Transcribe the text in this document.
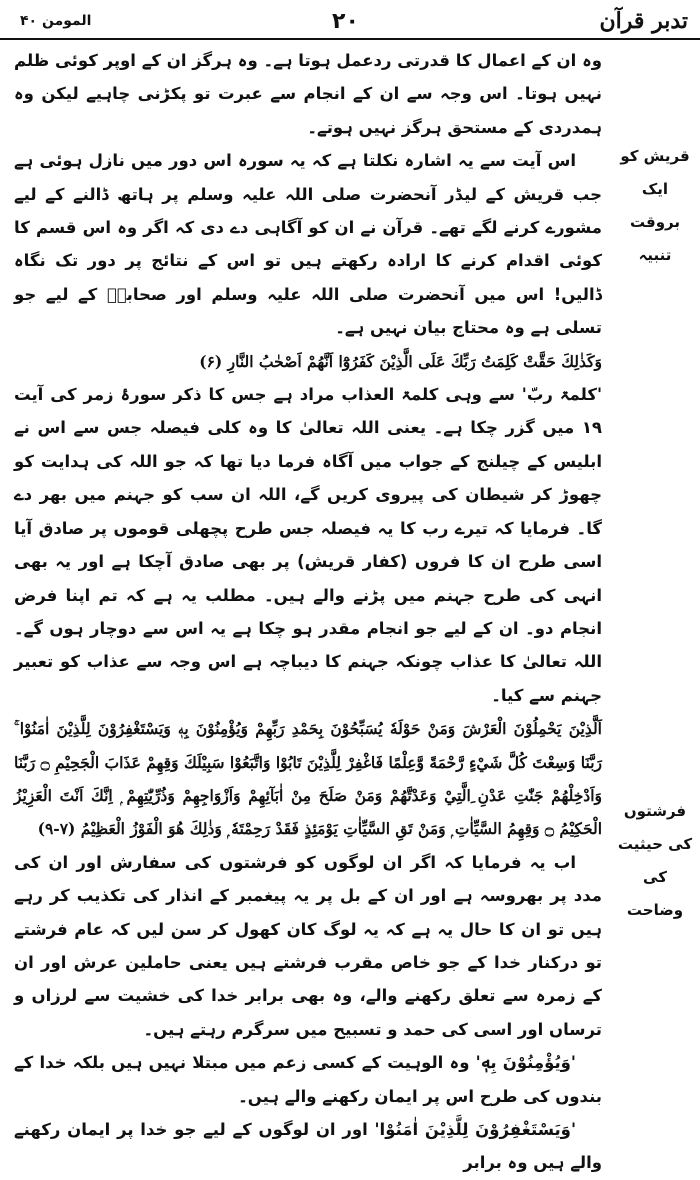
تدبر قرآن
۲۰
المومن ۴۰
قریش کو ایک بروقت تنبیہ
فرشتوں کی حیثیت کی وضاحت

وہ ان کے اعمال کا قدرتی ردعمل ہوتا ہے۔ وہ ہرگز ان کے اوپر کوئی ظلم نہیں ہوتا۔ اس وجہ سے ان کے انجام سے عبرت تو پکڑنی چاہیے لیکن وہ ہمدردی کے مستحق ہرگز نہیں ہوتے۔

اس آیت سے یہ اشارہ نکلتا ہے کہ یہ سورہ اس دور میں نازل ہوئی ہے جب قریش کے لیڈر آنحضرت صلی اللہ علیہ وسلم پر ہاتھ ڈالنے کے لیے مشورے کرنے لگے تھے۔ قرآن نے ان کو آگاہی دے دی کہ اگر وہ اس قسم کا کوئی اقدام کرنے کا ارادہ رکھتے ہیں تو اس کے نتائج پر دور تک نگاہ ڈالیں! اس میں آنحضرت صلی اللہ علیہ وسلم اور صحابہؓ کے لیے جو تسلی ہے وہ محتاج بیان نہیں ہے۔

وَكَذٰلِكَ حَقَّتْ كَلِمَتُ رَبِّكَ عَلَى الَّذِيْنَ كَفَرُوْٓا اَنَّهُمْ اَصْحٰبُ النَّارِ (۶)

'کلمۃ ربّ' سے وہی کلمۃ العذاب مراد ہے جس کا ذکر سورۂ زمر کی آیت ۱۹ میں گزر چکا ہے۔ یعنی اللہ تعالیٰ کا وہ کلی فیصلہ جس سے اس نے ابلیس کے چیلنج کے جواب میں آگاہ فرما دیا تھا کہ جو اللہ کی ہدایت کو چھوڑ کر شیطان کی پیروی کریں گے، اللہ ان سب کو جہنم میں بھر دے گا۔ فرمایا کہ تیرے رب کا یہ فیصلہ جس طرح پچھلی قوموں پر صادق آیا اسی طرح ان کا فروں (کفار قریش) پر بھی صادق آچکا ہے اور یہ بھی انہی کی طرح جہنم میں پڑنے والے ہیں۔ مطلب یہ ہے کہ تم اپنا فرض انجام دو۔ ان کے لیے جو انجام مقدر ہو چکا ہے یہ اس سے دوچار ہوں گے۔ اللہ تعالیٰ کا عذاب چونکہ جہنم کا دیباچہ ہے اس وجہ سے عذاب کو تعبیر جہنم سے کیا۔

اَلَّذِيْنَ يَحْمِلُوْنَ الْعَرْشَ وَمَنْ حَوْلَهٗ يُسَبِّحُوْنَ بِحَمْدِ رَبِّهِمْ وَيُؤْمِنُوْنَ بِهٖ وَيَسْتَغْفِرُوْنَ لِلَّذِيْنَ اٰمَنُوْا ۚ رَبَّنَا وَسِعْتَ كُلَّ شَيْءٍ رَّحْمَةً وَّعِلْمًا فَاغْفِرْ لِلَّذِيْنَ تَابُوْا وَاتَّبَعُوْا سَبِيْلَكَ وَقِهِمْ عَذَابَ الْجَحِيْمِ ۝ رَبَّنَا وَاَدْخِلْهُمْ جَنّٰتِ عَدْنِ ِالَّتِيْ وَعَدْتَّهُمْ وَمَنْ صَلَحَ مِنْ اٰبَآئِهِمْ وَاَزْوَاجِهِمْ وَذُرِّيّٰتِهِمْ ۭ اِنَّكَ اَنْتَ الْعَزِيْزُ الْحَكِيْمُ ۝ وَقِهِمُ السَّيِّاٰتِ ۭ وَمَنْ تَقِ السَّيِّاٰتِ يَوْمَئِذٍ فَقَدْ رَحِمْتَهٗ ۭ وَذٰلِكَ هُوَ الْفَوْزُ الْعَظِيْمُ (۷-۹)

اب یہ فرمایا کہ اگر ان لوگوں کو فرشتوں کی سفارش اور ان کی مدد پر بھروسہ ہے اور ان کے بل پر یہ پیغمبر کے انذار کی تکذیب کر رہے ہیں تو ان کا حال یہ ہے کہ یہ لوگ کان کھول کر سن لیں کہ عام فرشتے تو درکنار خدا کے جو خاص مقرب فرشتے ہیں یعنی حاملین عرش اور ان کے زمرہ سے تعلق رکھنے والے، وہ بھی برابر خدا کی خشیت سے لرزاں و ترساں اور اسی کی حمد و تسبیح میں سرگرم رہتے ہیں۔

'وَيُؤْمِنُوْنَ بِهٖ' وہ الوہیت کے کسی زعم میں مبتلا نہیں ہیں بلکہ خدا کے بندوں کی طرح اس پر ایمان رکھنے والے ہیں۔

'وَيَسْتَغْفِرُوْنَ لِلَّذِيْنَ اٰمَنُوْا' اور ان لوگوں کے لیے جو خدا پر ایمان رکھنے والے ہیں وہ برابر
